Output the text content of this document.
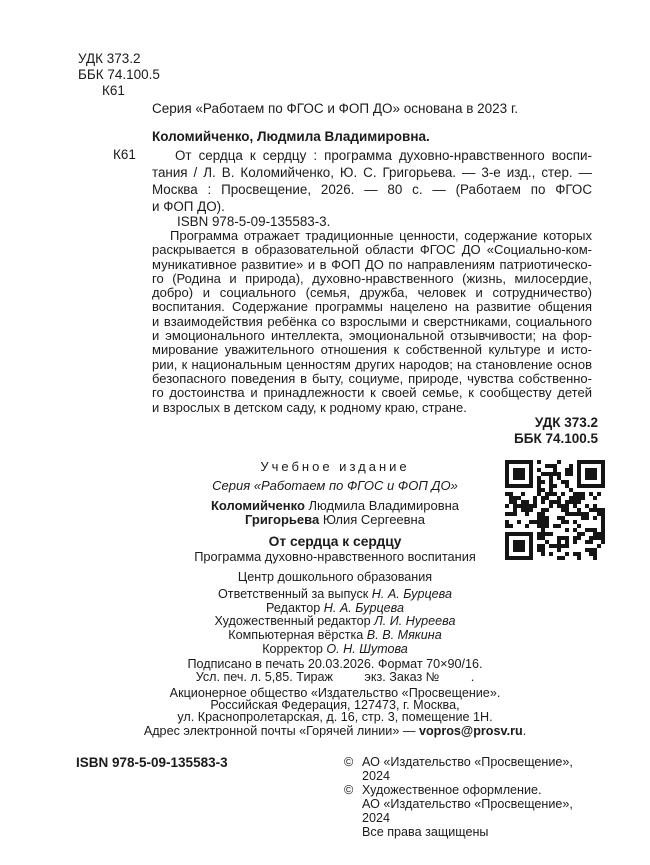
УДК 373.2
ББК 74.100.5
К61
Серия «Работаем по ФГОС и ФОП ДО» основана в 2023 г.
Коломийченко, Людмила Владимировна.
К61	От сердца к сердцу : программа духовно-нравственного воспи-
тания / Л. В. Коломийченко, Ю. С. Григорьева. — 3-е изд., стер. —
Москва : Просвещение, 2026. — 80 с. — (Работаем по ФГОС
и ФОП ДО).
ISBN 978-5-09-135583-3.
Программа отражает традиционные ценности, содержание которых
раскрывается в образовательной области ФГОС ДО «Социально-ком-
муникативное развитие» и в ФОП ДО по направлениям патриотическо-
го (Родина и природа), духовно-нравственного (жизнь, милосердие,
добро) и социального (семья, дружба, человек и сотрудничество)
воспитания. Содержание программы нацелено на развитие общения
и взаимодействия ребёнка со взрослыми и сверстниками, социального
и эмоционального интеллекта, эмоциональной отзывчивости; на фор-
мирование уважительного отношения к собственной культуре и исто-
рии, к национальным ценностям других народов; на становление основ
безопасного поведения в быту, социуме, природе, чувства собственно-
го достоинства и принадлежности к своей семье, к сообществу детей
и взрослых в детском саду, к родному краю, стране.
УДК 373.2
ББК 74.100.5
Учебное издание
Серия «Работаем по ФГОС и ФОП ДО»
Коломийченко Людмила Владимировна
Григорьева Юлия Сергеевна
От сердца к сердцу
Программа духовно-нравственного воспитания
Центр дошкольного образования
Ответственный за выпуск Н. А. Бурцева
Редактор Н. А. Бурцева
Художественный редактор Л. И. Нуреева
Компьютерная вёрстка В. В. Мякина
Корректор О. Н. Шутова
Подписано в печать 20.03.2026. Формат 70×90/16.
Усл. печ. л. 5,85. Тираж         экз. Заказ №         .
Акционерное общество «Издательство «Просвещение».
Российская Федерация, 127473, г. Москва,
ул. Краснопролетарская, д. 16, стр. 3, помещение 1Н.
Адрес электронной почты «Горячей линии» — vopros@prosv.ru.
ISBN 978-5-09-135583-3	© АО «Издательство «Просвещение», 2024
© Художественное оформление.
АО «Издательство «Просвещение», 2024
Все права защищены
